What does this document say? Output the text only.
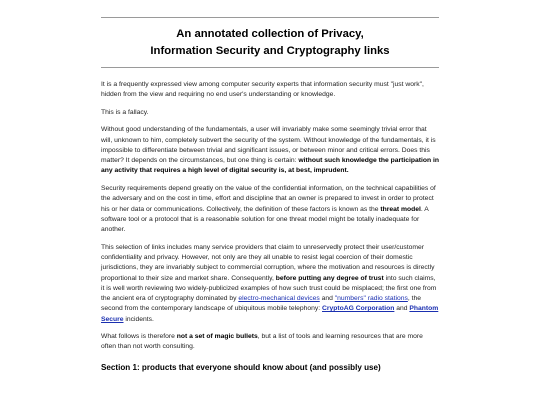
An annotated collection of Privacy,
Information Security and Cryptography links

It is a frequently expressed view among computer security experts that information security must "just work", hidden from the view and requiring no end user's understanding or knowledge.

This is a fallacy.

Without good understanding of the fundamentals, a user will invariably make some seemingly trivial error that will, unknown to him, completely subvert the security of the system. Without knowledge of the fundamentals, it is impossible to differentiate between trivial and significant issues, or between minor and critical errors. Does this matter? It depends on the circumstances, but one thing is certain: without such knowledge the participation in any activity that requires a high level of digital security is, at best, imprudent.

Security requirements depend greatly on the value of the confidential information, on the technical capabilities of the adversary and on the cost in time, effort and discipline that an owner is prepared to invest in order to protect his or her data or communications. Collectively, the definition of these factors is known as the threat model. A software tool or a protocol that is a reasonable solution for one threat model might be totally inadequate for another.

This selection of links includes many service providers that claim to unreservedly protect their user/customer confidentiality and privacy. However, not only are they all unable to resist legal coercion of their domestic jurisdictions, they are invariably subject to commercial corruption, where the motivation and resources is directly proportional to their size and market share. Consequently, before putting any degree of trust into such claims, it is well worth reviewing two widely-publicized examples of how such trust could be misplaced; the first one from the ancient era of cryptography dominated by electro-mechanical devices and "numbers" radio stations, the second from the contemporary landscape of ubiquitous mobile telephony: CryptoAG Corporation and Phantom Secure incidents.

What follows is therefore not a set of magic bullets, but a list of tools and learning resources that are more often than not worth consulting.

Section 1: products that everyone should know about (and possibly use)
